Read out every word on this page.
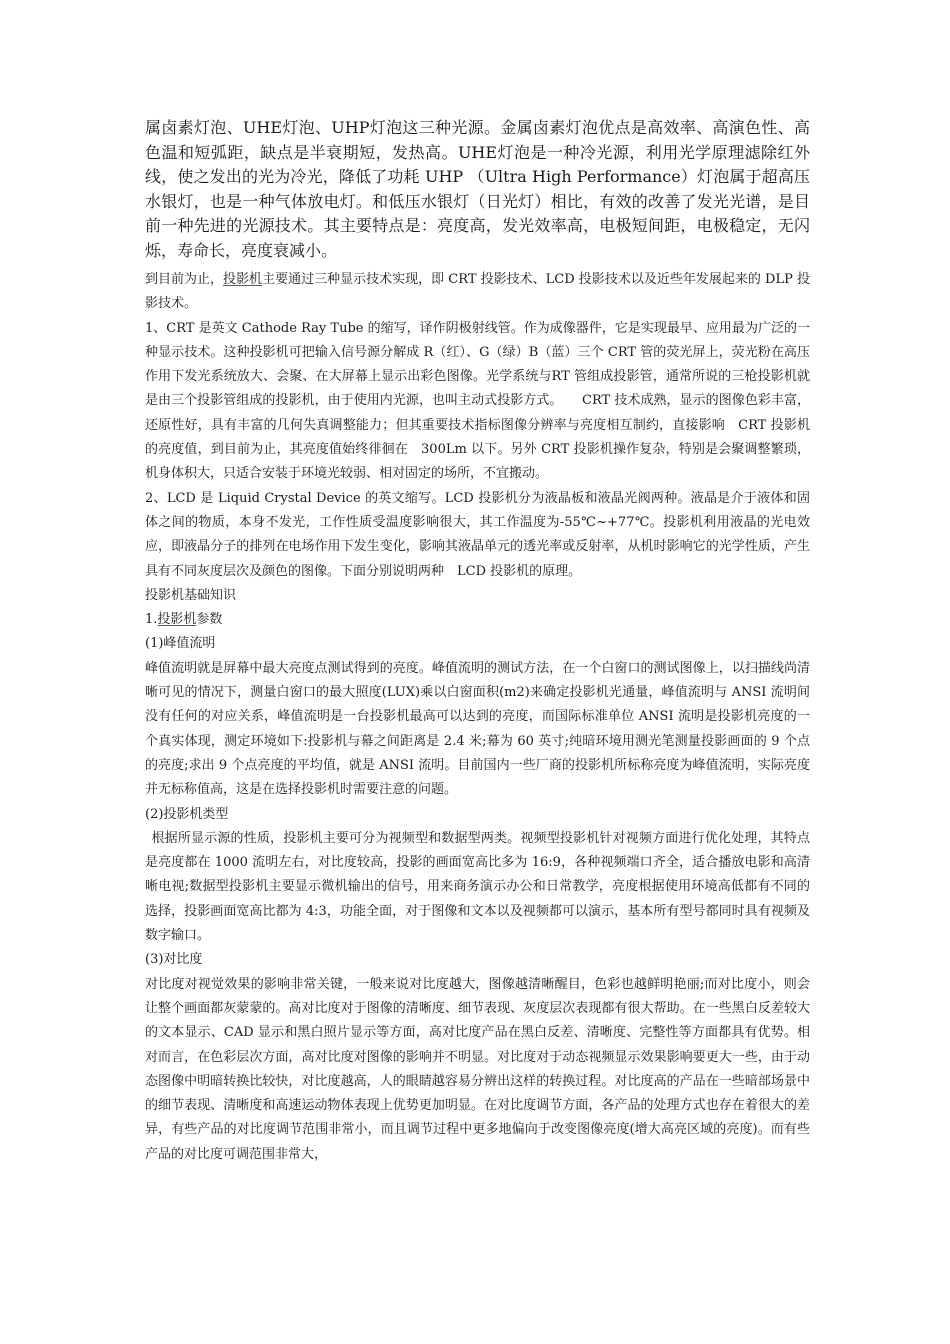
属卤素灯泡、UHE灯泡、UHP灯泡这三种光源。金属卤素灯泡优点是高效率、高演色性、高色温和短弧距，缺点是半衰期短，发热高。UHE灯泡是一种冷光源，利用光学原理滤除红外线，使之发出的光为冷光，降低了功耗 UHP （Ultra High Performance）灯泡属于超高压水银灯，也是一种气体放电灯。和低压水银灯（日光灯）相比，有效的改善了发光光谱，是目前一种先进的光源技术。其主要特点是：亮度高，发光效率高，电极短间距，电极稳定，无闪烁，寿命长，亮度衰减小。

到目前为止，投影机主要通过三种显示技术实现，即 CRT 投影技术、LCD 投影技术以及近些年发展起来的 DLP 投影技术。

1、CRT 是英文 Cathode Ray Tube 的缩写，译作阴极射线管。作为成像器件，它是实现最早、应用最为广泛的一种显示技术。这种投影机可把输入信号源分解成 R（红）、G（绿）B（蓝）三个 CRT 管的荧光屏上，荧光粉在高压作用下发光系统放大、会聚、在大屏幕上显示出彩色图像。光学系统与RT 管组成投影管，通常所说的三枪投影机就是由三个投影管组成的投影机，由于使用内光源，也叫主动式投影方式。　　CRT 技术成熟，显示的图像色彩丰富，还原性好，具有丰富的几何失真调整能力；但其重要技术指标图像分辨率与亮度相互制约，直接影响　CRT 投影机的亮度值，到目前为止，其亮度值始终徘徊在　300Lm 以下。另外 CRT 投影机操作复杂，特别是会聚调整繁琐，机身体积大，只适合安装于环境光较弱、相对固定的场所，不宜搬动。

2、LCD 是 Liquid Crystal Device 的英文缩写。LCD 投影机分为液晶板和液晶光阀两种。液晶是介于液体和固体之间的物质，本身不发光，工作性质受温度影响很大，其工作温度为-55℃~+77℃。投影机利用液晶的光电效应，即液晶分子的排列在电场作用下发生变化，影响其液晶单元的透光率或反射率，从机时影响它的光学性质，产生具有不同灰度层次及颜色的图像。下面分别说明两种　LCD 投影机的原理。

投影机基础知识

1.投影机参数

(1)峰值流明

峰值流明就是屏幕中最大亮度点测试得到的亮度。峰值流明的测试方法，在一个白窗口的测试图像上，以扫描线尚清晰可见的情况下，测量白窗口的最大照度(LUX)乘以白窗面积(m2)来确定投影机光通量，峰值流明与 ANSI 流明间没有任何的对应关系，峰值流明是一台投影机最高可以达到的亮度，而国际标准单位 ANSI 流明是投影机亮度的一个真实体现，测定环境如下:投影机与幕之间距离是 2.4 米;幕为 60 英寸;纯暗环境用测光笔测量投影画面的 9 个点的亮度;求出 9 个点亮度的平均值，就是 ANSI 流明。目前国内一些厂商的投影机所标称亮度为峰值流明，实际亮度并无标称值高，这是在选择投影机时需要注意的问题。

(2)投影机类型

根据所显示源的性质，投影机主要可分为视频型和数据型两类。视频型投影机针对视频方面进行优化处理，其特点是亮度都在 1000 流明左右，对比度较高，投影的画面宽高比多为 16:9，各种视频端口齐全，适合播放电影和高清晰电视;数据型投影机主要显示微机输出的信号，用来商务演示办公和日常教学，亮度根据使用环境高低都有不同的选择，投影画面宽高比都为 4:3，功能全面，对于图像和文本以及视频都可以演示，基本所有型号都同时具有视频及数字输口。

(3)对比度

对比度对视觉效果的影响非常关键，一般来说对比度越大，图像越清晰醒目，色彩也越鲜明艳丽;而对比度小，则会让整个画面都灰蒙蒙的。高对比度对于图像的清晰度、细节表现、灰度层次表现都有很大帮助。在一些黑白反差较大的文本显示、CAD 显示和黑白照片显示等方面，高对比度产品在黑白反差、清晰度、完整性等方面都具有优势。相对而言，在色彩层次方面，高对比度对图像的影响并不明显。对比度对于动态视频显示效果影响要更大一些，由于动态图像中明暗转换比较快，对比度越高，人的眼睛越容易分辨出这样的转换过程。对比度高的产品在一些暗部场景中的细节表现、清晰度和高速运动物体表现上优势更加明显。在对比度调节方面，各产品的处理方式也存在着很大的差异，有些产品的对比度调节范围非常小，而且调节过程中更多地偏向于改变图像亮度(增大高亮区域的亮度)。而有些产品的对比度可调范围非常大，
